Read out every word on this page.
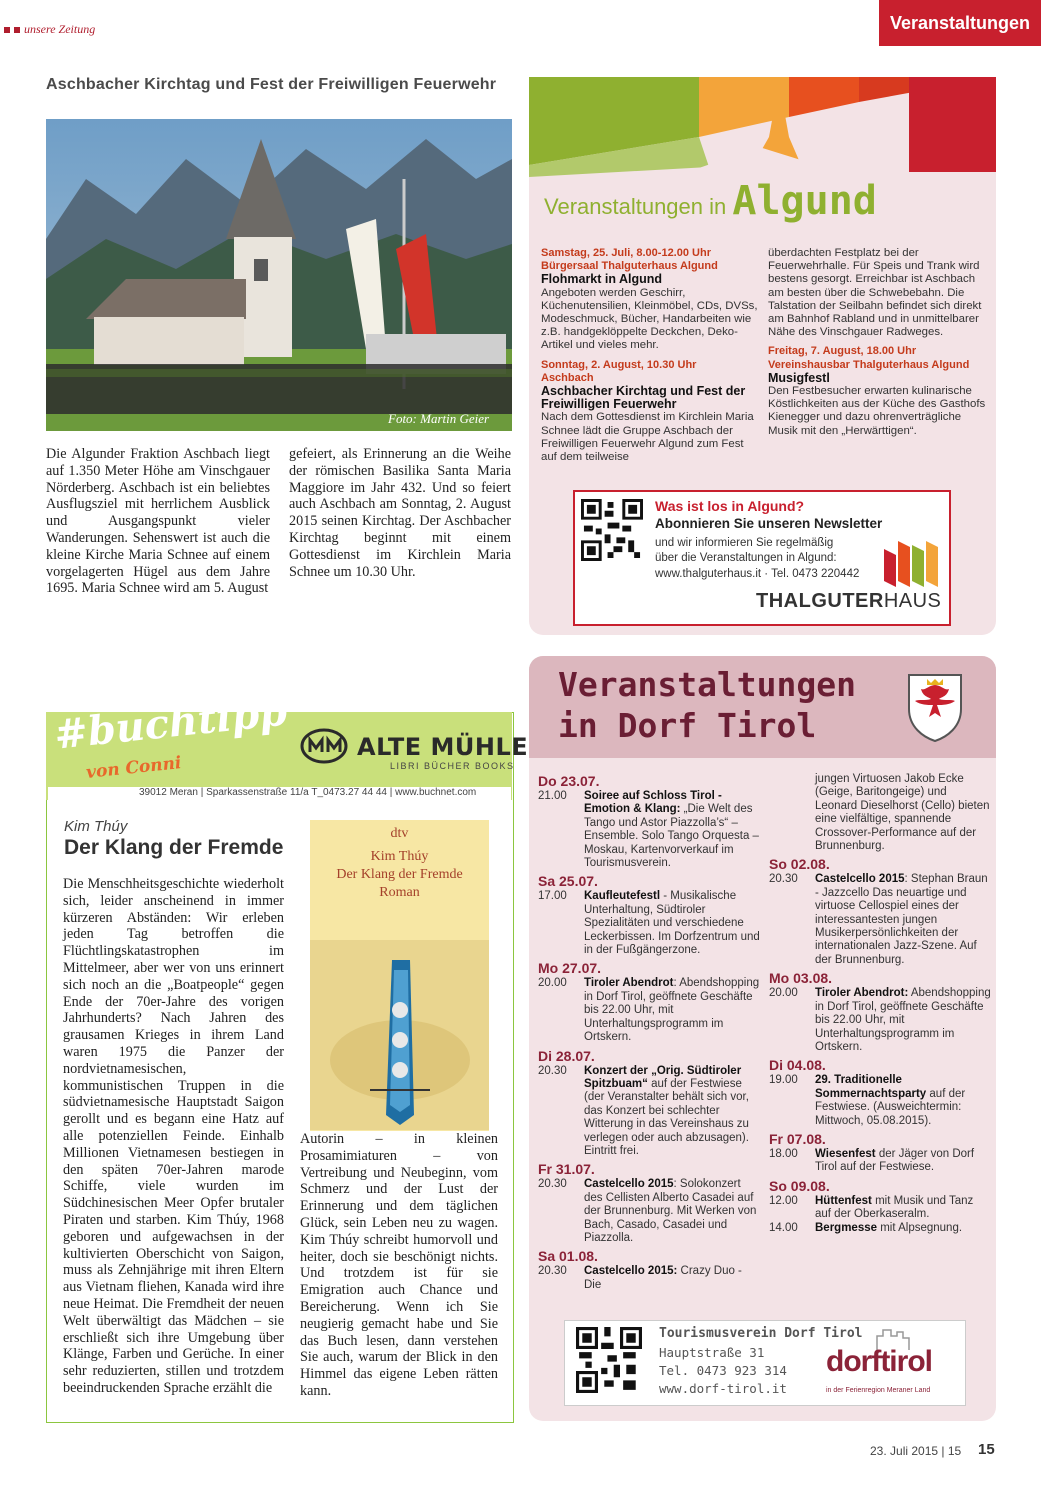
unsere Zeitung	Veranstaltungen
Aschbacher Kirchtag und Fest der Freiwilligen Feuerwehr
Foto: Martin Geier
Die Algunder Fraktion Aschbach liegt auf 1.350 Meter Höhe am Vinschgauer Nörderberg. Aschbach ist ein beliebtes Ausflugsziel mit herrlichem Ausblick und Ausgangspunkt vieler Wanderungen. Sehenswert ist auch die kleine Kirche Maria Schnee auf einem vorgelagerten Hügel aus dem Jahre 1695. Maria Schnee wird am 5. August
gefeiert, als Erinnerung an die Weihe der römischen Basilika Santa Maria Maggiore im Jahr 432. Und so feiert auch Aschbach am Sonntag, 2. August 2015 seinen Kirchtag. Der Aschbacher Kirchtag beginnt mit einem Gottesdienst im Kirchlein Maria Schnee um 10.30 Uhr.
Veranstaltungen in Algund
Samstag, 25. Juli, 8.00-12.00 Uhr
Bürgersaal Thalguterhaus Algund
Flohmarkt in Algund
Angeboten werden Geschirr, Küchenutensilien, Kleinmöbel, CDs, DVSs, Modeschmuck, Bücher, Handarbeiten wie z.B. handgeklöppelte Deckchen, Deko-Artikel und vieles mehr.
Sonntag, 2. August, 10.30 Uhr
Aschbach
Aschbacher Kirchtag und Fest der Freiwilligen Feuerwehr
Nach dem Gottesdienst im Kirchlein Maria Schnee lädt die Gruppe Aschbach der Freiwilligen Feuerwehr Algund zum Fest auf dem teilweise
überdachten Festplatz bei der Feuerwehrhalle. Für Speis und Trank wird bestens gesorgt. Erreichbar ist Aschbach am besten über die Schwebebahn. Die Talstation der Seilbahn befindet sich direkt am Bahnhof Rabland und in unmittelbarer Nähe des Vinschgauer Radweges.
Freitag, 7. August, 18.00 Uhr
Vereinshausbar Thalguterhaus Algund
Musigfestl
Den Festbesucher erwarten kulinarische Köstlichkeiten aus der Küche des Gasthofs Kienegger und dazu ohrenverträgliche Musik mit den „Herwärttigen“.
Was ist los in Algund?
Abonnieren Sie unseren Newsletter
und wir informieren Sie regelmäßig
über die Veranstaltungen in Algund:
www.thalguterhaus.it · Tel. 0473 220442
THALGUTERHAUS
#buchtipp
von Conni
ALTE MÜHLE
LIBRI BÜCHER BOOKS
39012 Meran | Sparkassenstraße 11/a T_0473.27 44 44 | www.buchnet.com
Kim Thúy
Der Klang der Fremde
dtv
Kim Thúy
Der Klang der Fremde
Roman
Die Menschheitsgeschichte wiederholt sich, leider anscheinend in immer kürzeren Abständen: Wir erleben jeden Tag betroffen die Flüchtlingskatastrophen im Mittelmeer, aber wer von uns erinnert sich noch an die „Boatpeople“ gegen Ende der 70er-Jahre des vorigen Jahrhunderts? Nach Jahren des grausamen Krieges in ihrem Land waren 1975 die Panzer der nordvietnamesischen, kommunistischen Truppen in die südvietnamesische Hauptstadt Saigon gerollt und es begann eine Hatz auf alle potenziellen Feinde. Einhalb Millionen Vietnamesen bestiegen in den späten 70er-Jahren marode Schiffe, viele wurden im Südchinesischen Meer Opfer brutaler Piraten und starben. Kim Thúy, 1968 geboren und aufgewachsen in der kultivierten Oberschicht von Saigon, muss als Zehnjährige mit ihren Eltern aus Vietnam fliehen, Kanada wird ihre neue Heimat. Die Fremdheit der neuen Welt überwältigt das Mädchen – sie erschließt sich ihre Umgebung über Klänge, Farben und Gerüche. In einer sehr reduzierten, stillen und trotzdem beeindruckenden Sprache erzählt die
Autorin – in kleinen Prosamimiaturen – von Vertreibung und Neubeginn, vom Schmerz und der Lust der Erinnerung und dem täglichen Glück, sein Leben neu zu wagen. Kim Thúy schreibt humorvoll und heiter, doch sie beschönigt nichts. Und trotzdem ist für sie Emigration auch Chance und Bereicherung. Wenn ich Sie neugierig gemacht habe und Sie das Buch lesen, dann verstehen Sie auch, warum der Blick in den Himmel das eigene Leben rätten kann.
Veranstaltungen
in Dorf Tirol
Do 23.07.
21.00	Soiree auf Schloss Tirol - Emotion & Klang: „Die Welt des Tango und Astor Piazzolla’s“ – Ensemble. Solo Tango Orquesta – Moskau, Kartenvorverkauf im Tourismusverein.
Sa 25.07.
17.00	Kaufleutefestl - Musikalische Unterhaltung, Südtiroler Spezialitäten und verschiedene Leckerbissen. Im Dorfzentrum und in der Fußgängerzone.
Mo 27.07.
20.00	Tiroler Abendrot: Abendshopping in Dorf Tirol, geöffnete Geschäfte bis 22.00 Uhr, mit Unterhaltungsprogramm im Ortskern.
Di 28.07.
20.30	Konzert der „Orig. Südtiroler Spitzbuam“ auf der Festwiese (der Veranstalter behält sich vor, das Konzert bei schlechter Witterung in das Vereinshaus zu verlegen oder auch abzusagen). Eintritt frei.
Fr 31.07.
20.30	Castelcello 2015: Solokonzert des Cellisten Alberto Casadei auf der Brunnenburg. Mit Werken von Bach, Casado, Casadei und Piazzolla.
Sa 01.08.
20.30	Castelcello 2015: Crazy Duo - Die
jungen Virtuosen Jakob Ecke (Geige, Baritongeige) und Leonard Dieselhorst (Cello) bieten eine vielfältige, spannende Crossover-Performance auf der Brunnenburg.
So 02.08.
20.30	Castelcello 2015: Stephan Braun - Jazzcello Das neuartige und virtuose Cellospiel eines der interessantesten jungen Musikerpersönlichkeiten der internationalen Jazz-Szene. Auf der Brunnenburg.
Mo 03.08.
20.00	Tiroler Abendrot: Abendshopping in Dorf Tirol, geöffnete Geschäfte bis 22.00 Uhr, mit Unterhaltungsprogramm im Ortskern.
Di 04.08.
19.00	29. Traditionelle Sommernachtsparty auf der Festwiese. (Ausweichtermin: Mittwoch, 05.08.2015).
Fr 07.08.
18.00	Wiesenfest der Jäger von Dorf Tirol auf der Festwiese.
So 09.08.
12.00	Hüttenfest mit Musik und Tanz auf der Oberkaseralm.
14.00	Bergmesse mit Alpsegnung.
Tourismusverein Dorf Tirol
Hauptstraße 31
Tel. 0473 923 314
www.dorf-tirol.it
dorftirol
in der Ferienregion Meraner Land
23. Juli 2015 | 15 15
